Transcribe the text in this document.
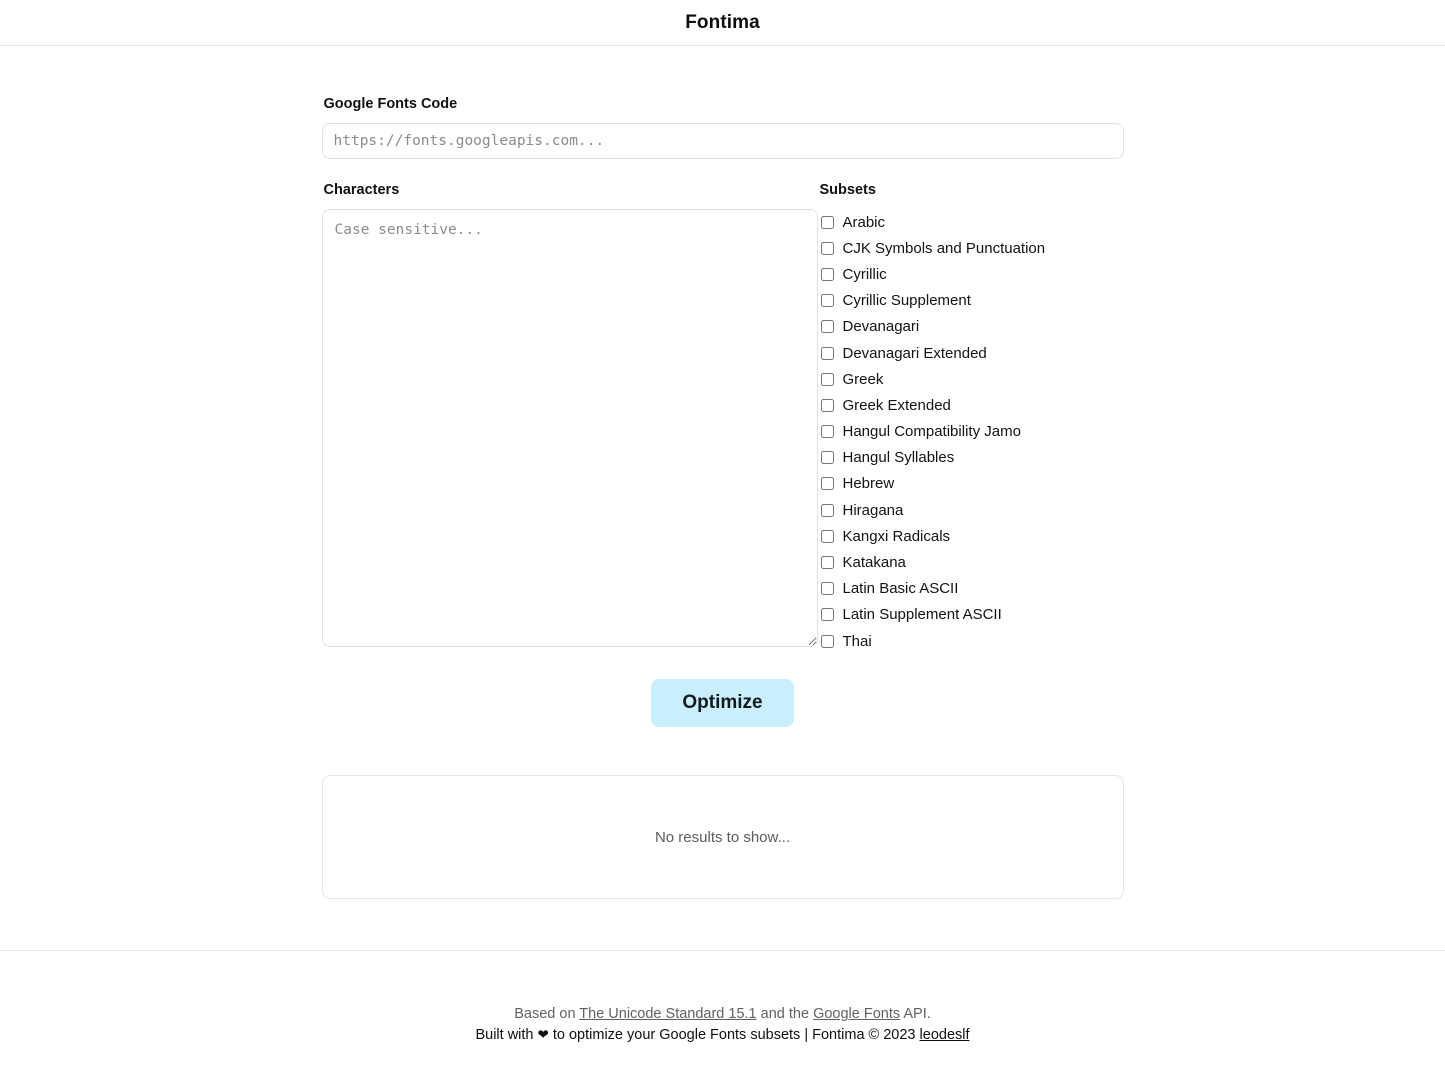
Fontima
Google Fonts Code
https://fonts.googleapis.com...
Characters
Case sensitive...	Subsets
Arabic
CJK Symbols and Punctuation
Cyrillic
Cyrillic Supplement
Devanagari
Devanagari Extended
Greek
Greek Extended
Hangul Compatibility Jamo
Hangul Syllables
Hebrew
Hiragana
Kangxi Radicals
Katakana
Latin Basic ASCII
Latin Supplement ASCII
Thai
Optimize
No results to show...
Based on The Unicode Standard 15.1 and the Google Fonts API.
Built with ❤ to optimize your Google Fonts subsets | Fontima © 2023 leodeslf
